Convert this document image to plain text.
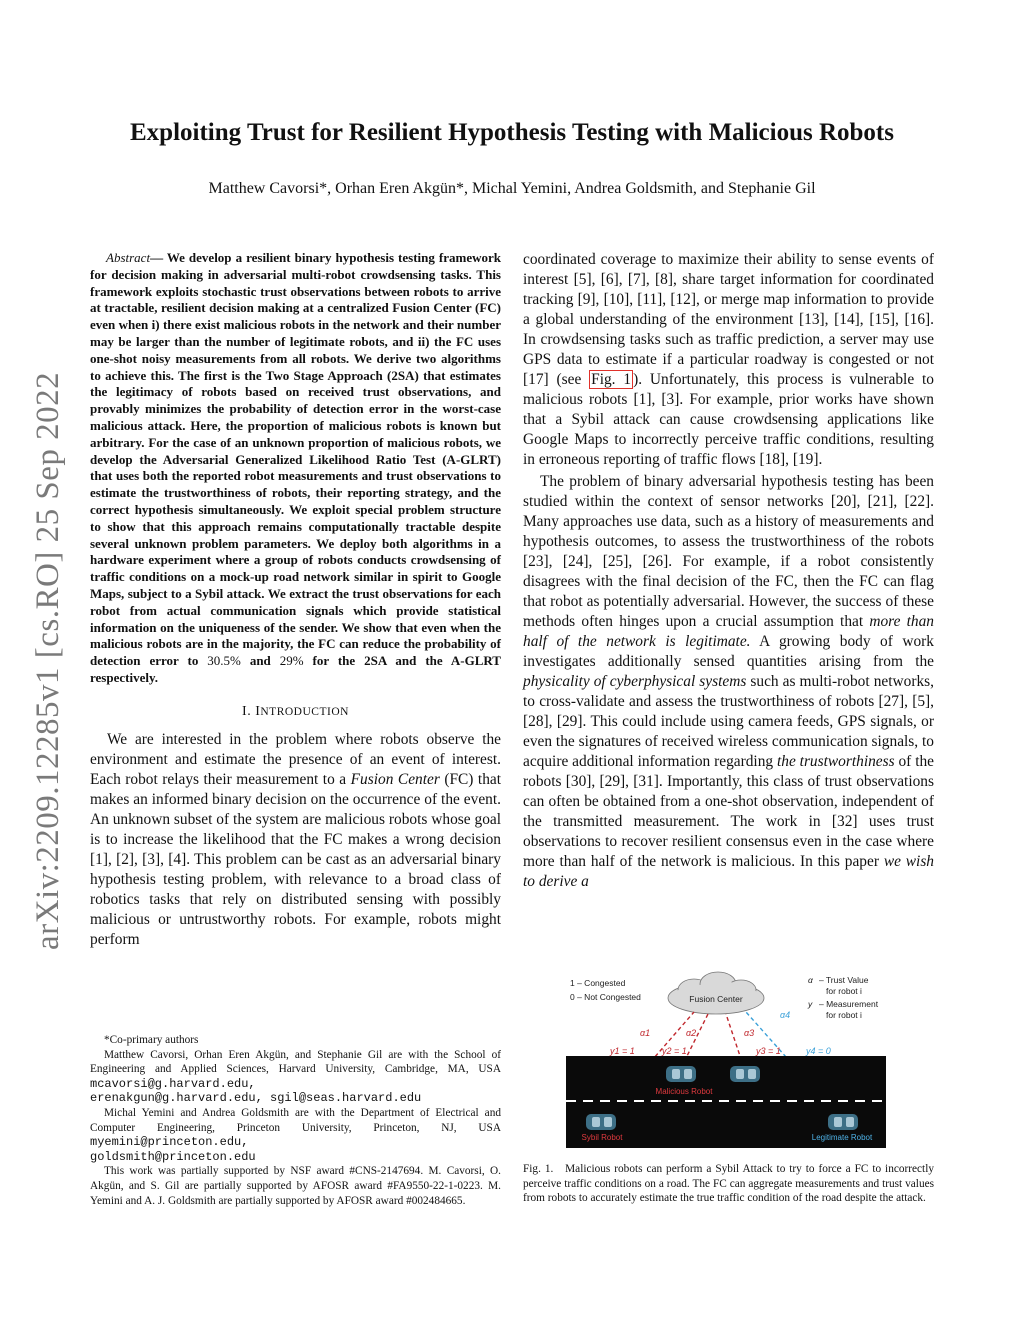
arXiv:2209.12285v1 [cs.RO] 25 Sep 2022
Exploiting Trust for Resilient Hypothesis Testing with Malicious Robots
Matthew Cavorsi*, Orhan Eren Akgün*, Michal Yemini, Andrea Goldsmith, and Stephanie Gil

Abstract— We develop a resilient binary hypothesis testing framework for decision making in adversarial multi-robot crowdsensing tasks. This framework exploits stochastic trust observations between robots to arrive at tractable, resilient decision making at a centralized Fusion Center (FC) even when i) there exist malicious robots in the network and their number may be larger than the number of legitimate robots, and ii) the FC uses one-shot noisy measurements from all robots. We derive two algorithms to achieve this. The first is the Two Stage Approach (2SA) that estimates the legitimacy of robots based on received trust observations, and provably minimizes the probability of detection error in the worst-case malicious attack. Here, the proportion of malicious robots is known but arbitrary. For the case of an unknown proportion of malicious robots, we develop the Adversarial Generalized Likelihood Ratio Test (A-GLRT) that uses both the reported robot measurements and trust observations to estimate the trustworthiness of robots, their reporting strategy, and the correct hypothesis simultaneously. We exploit special problem structure to show that this approach remains computationally tractable despite several unknown problem parameters. We deploy both algorithms in a hardware experiment where a group of robots conducts crowdsensing of traffic conditions on a mock-up road network similar in spirit to Google Maps, subject to a Sybil attack. We extract the trust observations for each robot from actual communication signals which provide statistical information on the uniqueness of the sender. We show that even when the malicious robots are in the majority, the FC can reduce the probability of detection error to 30.5% and 29% for the 2SA and the A-GLRT respectively.

I. INTRODUCTION

We are interested in the problem where robots observe the environment and estimate the presence of an event of interest. Each robot relays their measurement to a Fusion Center (FC) that makes an informed binary decision on the occurrence of the event. An unknown subset of the system are malicious robots whose goal is to increase the likelihood that the FC makes a wrong decision [1], [2], [3], [4]. This problem can be cast as an adversarial binary hypothesis testing problem, with relevance to a broad class of robotics tasks that rely on distributed sensing with possibly malicious or untrustworthy robots. For example, robots might perform

*Co-primary authors

Matthew Cavorsi, Orhan Eren Akgün, and Stephanie Gil are with the School of Engineering and Applied Sciences, Harvard University, Cambridge, MA, USA mcavorsi@g.harvard.edu,
erenakgun@g.harvard.edu, sgil@seas.harvard.edu

Michal Yemini and Andrea Goldsmith are with the Department of Electrical and Computer Engineering, Princeton University, Princeton, NJ, USA myemini@princeton.edu,
goldsmith@princeton.edu

This work was partially supported by NSF award #CNS-2147694. M. Cavorsi, O. Akgün, and S. Gil are partially supported by AFOSR award #FA9550-22-1-0223. M. Yemini and A. J. Goldsmith are partially supported by AFOSR award #002484665.

coordinated coverage to maximize their ability to sense events of interest [5], [6], [7], [8], share target information for coordinated tracking [9], [10], [11], [12], or merge map information to provide a global understanding of the environment [13], [14], [15], [16]. In crowdsensing tasks such as traffic prediction, a server may use GPS data to estimate if a particular roadway is congested or not [17] (see Fig. 1 ). Unfortunately, this process is vulnerable to malicious robots [1], [3]. For example, prior works have shown that a Sybil attack can cause crowdsensing applications like Google Maps to incorrectly perceive traffic conditions, resulting in erroneous reporting of traffic flows [18], [19].

The problem of binary adversarial hypothesis testing has been studied within the context of sensor networks [20], [21], [22]. Many approaches use data, such as a history of measurements and hypothesis outcomes, to assess the trustworthiness of the robots [23], [24], [25], [26]. For example, if a robot consistently disagrees with the final decision of the FC, then the FC can flag that robot as potentially adversarial. However, the success of these methods often hinges upon a crucial assumption that more than half of the network is legitimate. A growing body of work investigates additionally sensed quantities arising from the physicality of cyberphysical systems such as multi-robot networks, to cross-validate and assess the trustworthiness of robots [27], [5], [28], [29]. This could include using camera feeds, GPS signals, or even the signatures of received wireless communication signals, to acquire additional information regarding the trustworthiness of the robots [30], [29], [31]. Importantly, this class of trust observations can often be obtained from a one-shot observation, independent of the transmitted measurement. The work in [32] uses trust observations to recover resilient consensus even in the case where more than half of the network is malicious. In this paper we wish to derive a

1 – Congested
0 – Not Congested	Fusion Center
α – Trust Value
for robot i
y – Measurement
for robot i
α1	α2	α3
α4
y1 = 1	y2 = 1	y3 = 1	y4 = 0
Malicious Robot
Sybil Robot	Legitimate Robot

Fig. 1. Malicious robots can perform a Sybil Attack to try to force a FC to incorrectly perceive traffic conditions on a road. The FC can aggregate measurements and trust values from robots to accurately estimate the true traffic condition of the road despite the attack.
